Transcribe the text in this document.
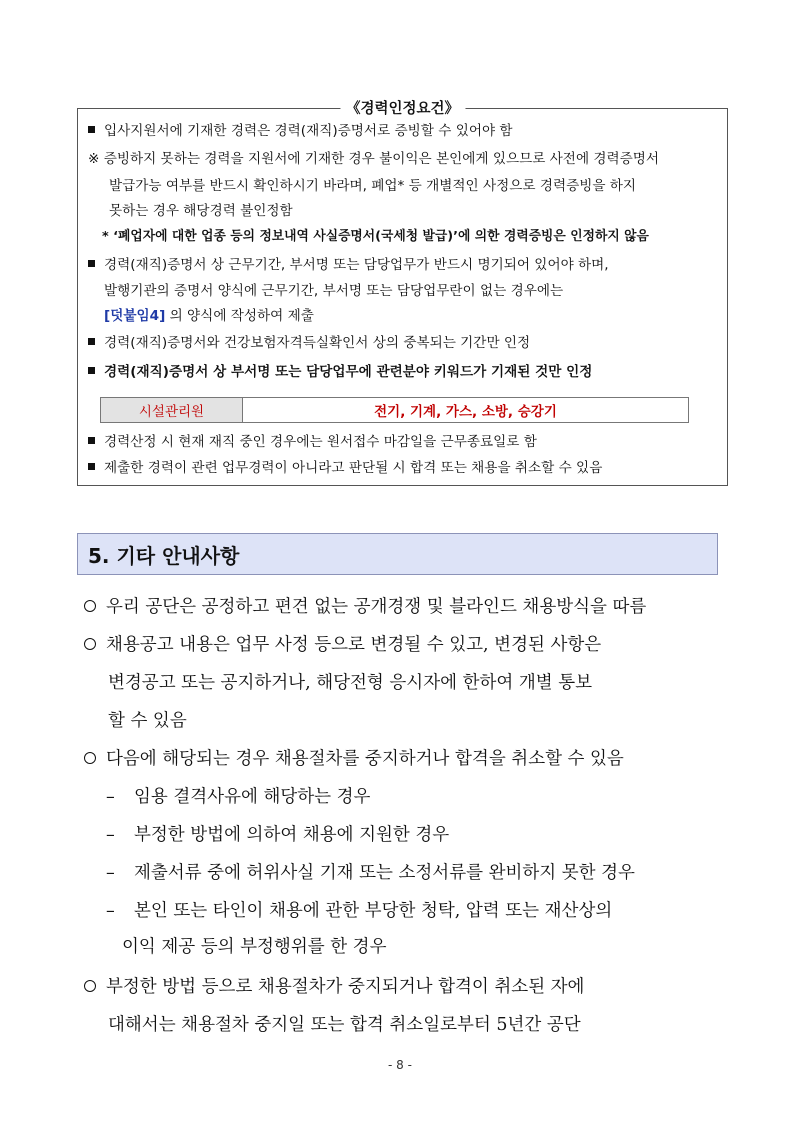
《경력인정요건》
입사지원서에 기재한 경력은 경력(재직)증명서로 증빙할 수 있어야 함
※ 증빙하지 못하는 경력을 지원서에 기재한 경우 불이익은 본인에게 있으므로 사전에 경력증명서
발급가능 여부를 반드시 확인하시기 바라며, 폐업* 등 개별적인 사정으로 경력증빙을 하지
못하는 경우 해당경력 불인정함
* ‘폐업자에 대한 업종 등의 정보내역 사실증명서(국세청 발급)’에 의한 경력증빙은 인정하지 않음
경력(재직)증명서 상 근무기간, 부서명 또는 담당업무가 반드시 명기되어 있어야 하며,
발행기관의 증명서 양식에 근무기간, 부서명 또는 담당업무란이 없는 경우에는
[덧붙임4] 의 양식에 작성하여 제출
경력(재직)증명서와 건강보험자격득실확인서 상의 중복되는 기간만 인정
경력(재직)증명서 상 부서명 또는 담당업무에 관련분야 키워드가 기재된 것만 인정
시설관리원	전기, 기계, 가스, 소방, 승강기
경력산정 시 현재 재직 중인 경우에는 원서접수 마감일을 근무종료일로 함
제출한 경력이 관련 업무경력이 아니라고 판단될 시 합격 또는 채용을 취소할 수 있음
5. 기타 안내사항
우리 공단은 공정하고 편견 없는 공개경쟁 및 블라인드 채용방식을 따름
채용공고 내용은 업무 사정 등으로 변경될 수 있고, 변경된 사항은
변경공고 또는 공지하거나, 해당전형 응시자에 한하여 개별 통보
할 수 있음
다음에 해당되는 경우 채용절차를 중지하거나 합격을 취소할 수 있음
– 임용 결격사유에 해당하는 경우
– 부정한 방법에 의하여 채용에 지원한 경우
– 제출서류 중에 허위사실 기재 또는 소정서류를 완비하지 못한 경우
– 본인 또는 타인이 채용에 관한 부당한 청탁, 압력 또는 재산상의
이익 제공 등의 부정행위를 한 경우
부정한 방법 등으로 채용절차가 중지되거나 합격이 취소된 자에
대해서는 채용절차 중지일 또는 합격 취소일로부터 5년간 공단
- 8 -
